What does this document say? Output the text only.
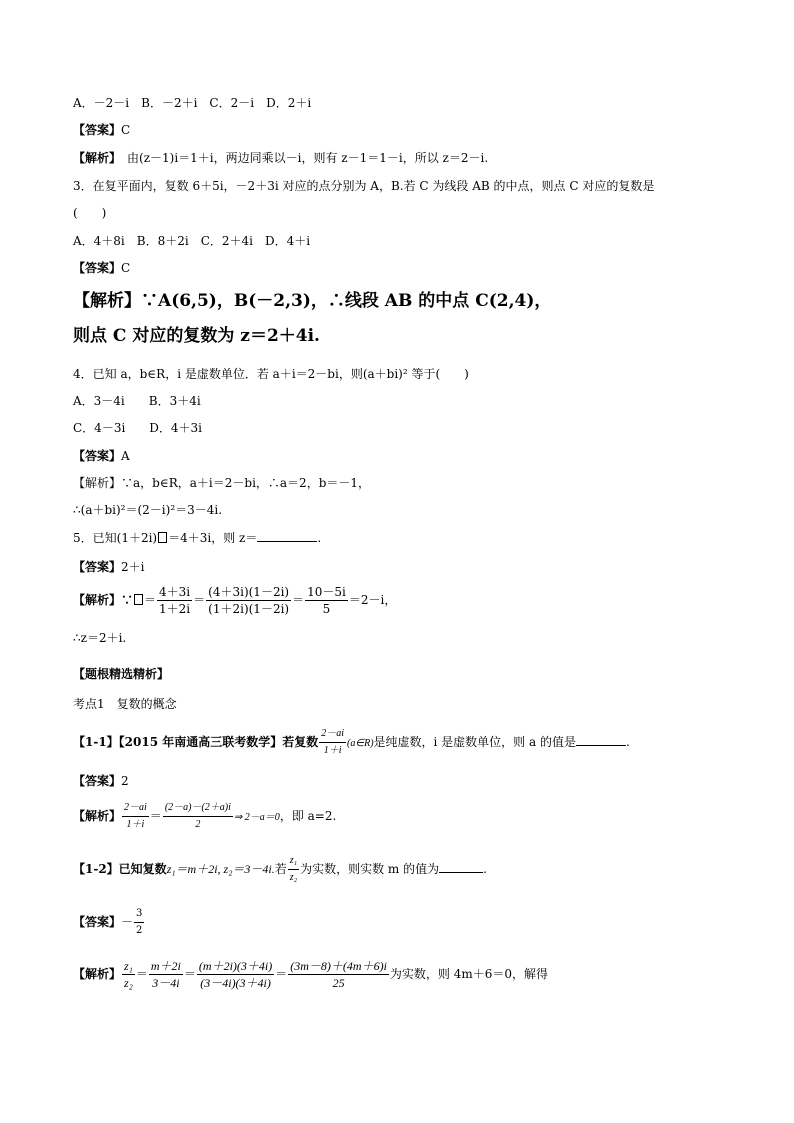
A．－2－i　B．－2＋i　C．2－i　D．2＋i
【答案】C
【解析】　由(z－1)i＝1＋i，两边同乘以－i，则有 z－1＝1－i，所以 z＝2－i.
3．在复平面内，复数 6＋5i，－2＋3i 对应的点分别为 A，B.若 C 为线段 AB 的中点，则点 C 对应的复数是
(　　)
A．4＋8i　B．8＋2i　C．2＋4i　D．4＋i
【答案】C
【解析】∵A(6,5)，B(－2,3)，∴线段 AB 的中点 C(2,4)，
则点 C 对应的复数为 z＝2＋4i.
4．已知 a，b∈R，i 是虚数单位．若 a＋i＝2－bi，则(a＋bi)² 等于(　　)
A．3－4i　　B．3＋4i
C．4－3i　　D．4＋3i
【答案】A
【解析】∵a，b∈R，a＋i＝2－bi，∴a＝2，b＝－1，
∴(a＋bi)²＝(2－i)²＝3－4i.
5．已知(1＋2i) ＝4＋3i，则 z＝	.
【答案】2＋i
【解析】∵ ＝ $\frac{4+3i}{1+2i} = \frac{(4+3i)(1-2i)}{(1+2i)(1-2i)} = \frac{10-5i}{5} =2-i$，
∴z＝2＋i.
【题根精选精析】
考点1　复数的概念
【1-1】【2015 年南通高三联考数学】若复数 $\frac{2-ai}{1+i}$ (a∈R)是纯虚数，i 是虚数单位，则 a 的值是	.
【答案】2
【解析】 $\frac{2-ai}{1+i} = \frac{(2-a)-(2+a)i}{2}$ ⇒ 2－a＝0，即 a=2.
【1-2】已知复数z₁＝m＋2i, z₂＝3－4i.若 $\frac{\text{z₁}}{\text{z₂}}$ 为实数，则实数 m 的值为	.
【答案】－ $\frac{3}{2}$
【解析】 $\frac{\text{z₁}}{\text{z₂}} = \frac{m+2i}{3-4i} = \frac{(m+2i)(3+4i)}{(3-4i)(3+4i)} = \frac{(3m-8)+(4m+6)i}{25}$ 为实数，则 4m＋6＝0，解得
